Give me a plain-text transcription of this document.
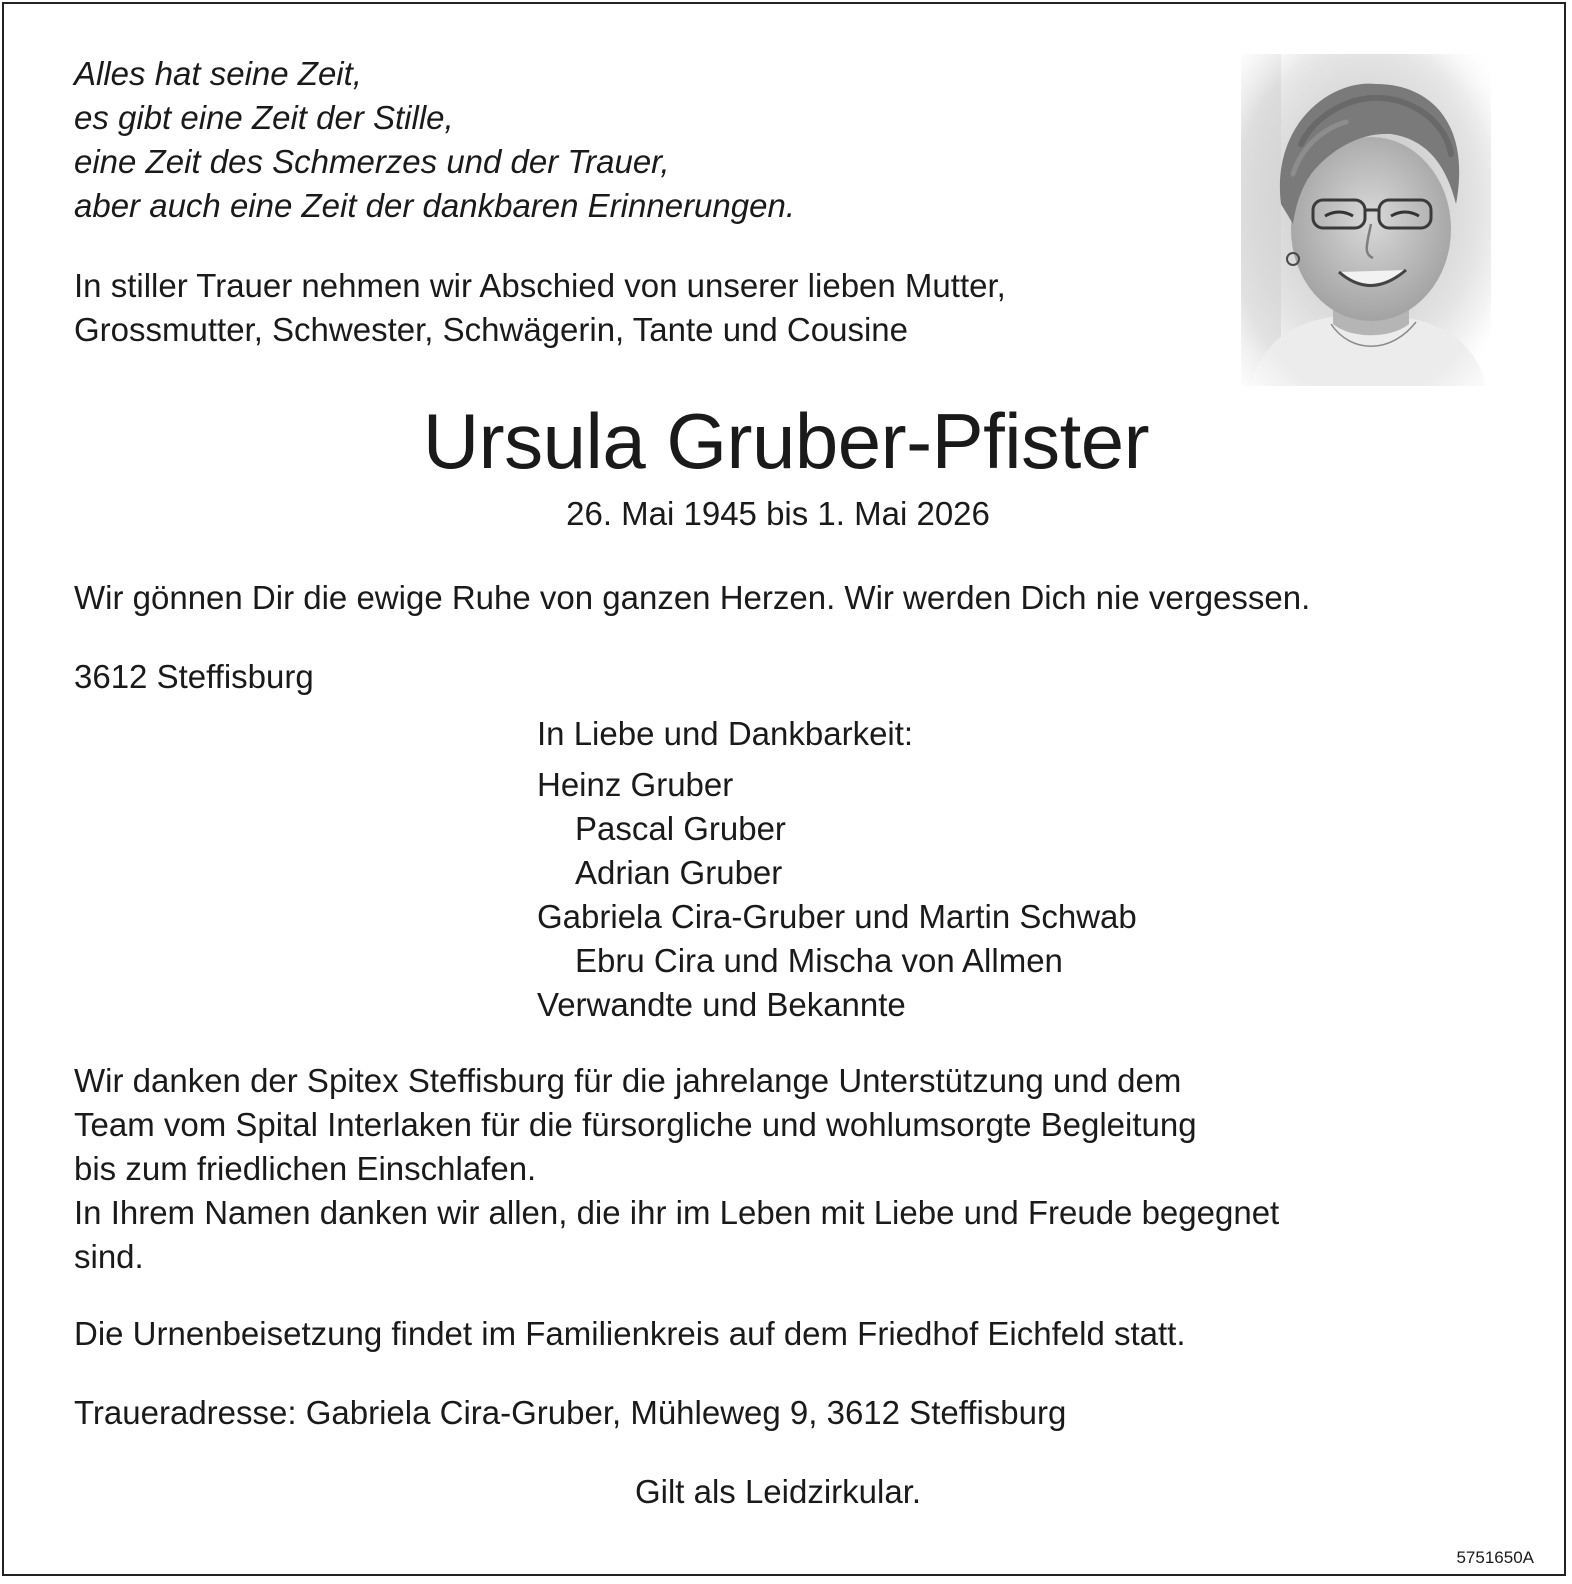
Alles hat seine Zeit,
es gibt eine Zeit der Stille,
eine Zeit des Schmerzes und der Trauer,
aber auch eine Zeit der dankbaren Erinnerungen.
In stiller Trauer nehmen wir Abschied von unserer lieben Mutter,
Grossmutter, Schwester, Schwägerin, Tante und Cousine
Ursula Gruber-Pfister
26. Mai 1945 bis 1. Mai 2026
Wir gönnen Dir die ewige Ruhe von ganzen Herzen. Wir werden Dich nie vergessen.
3612 Steffisburg
In Liebe und Dankbarkeit:
Heinz Gruber
Pascal Gruber
Adrian Gruber
Gabriela Cira-Gruber und Martin Schwab
Ebru Cira und Mischa von Allmen
Verwandte und Bekannte
Wir danken der Spitex Steffisburg für die jahrelange Unterstützung und dem
Team vom Spital Interlaken für die fürsorgliche und wohlumsorgte Begleitung
bis zum friedlichen Einschlafen.
In Ihrem Namen danken wir allen, die ihr im Leben mit Liebe und Freude begegnet
sind.
Die Urnenbeisetzung findet im Familienkreis auf dem Friedhof Eichfeld statt.
Traueradresse: Gabriela Cira-Gruber, Mühleweg 9, 3612 Steffisburg
Gilt als Leidzirkular.
5751650A
